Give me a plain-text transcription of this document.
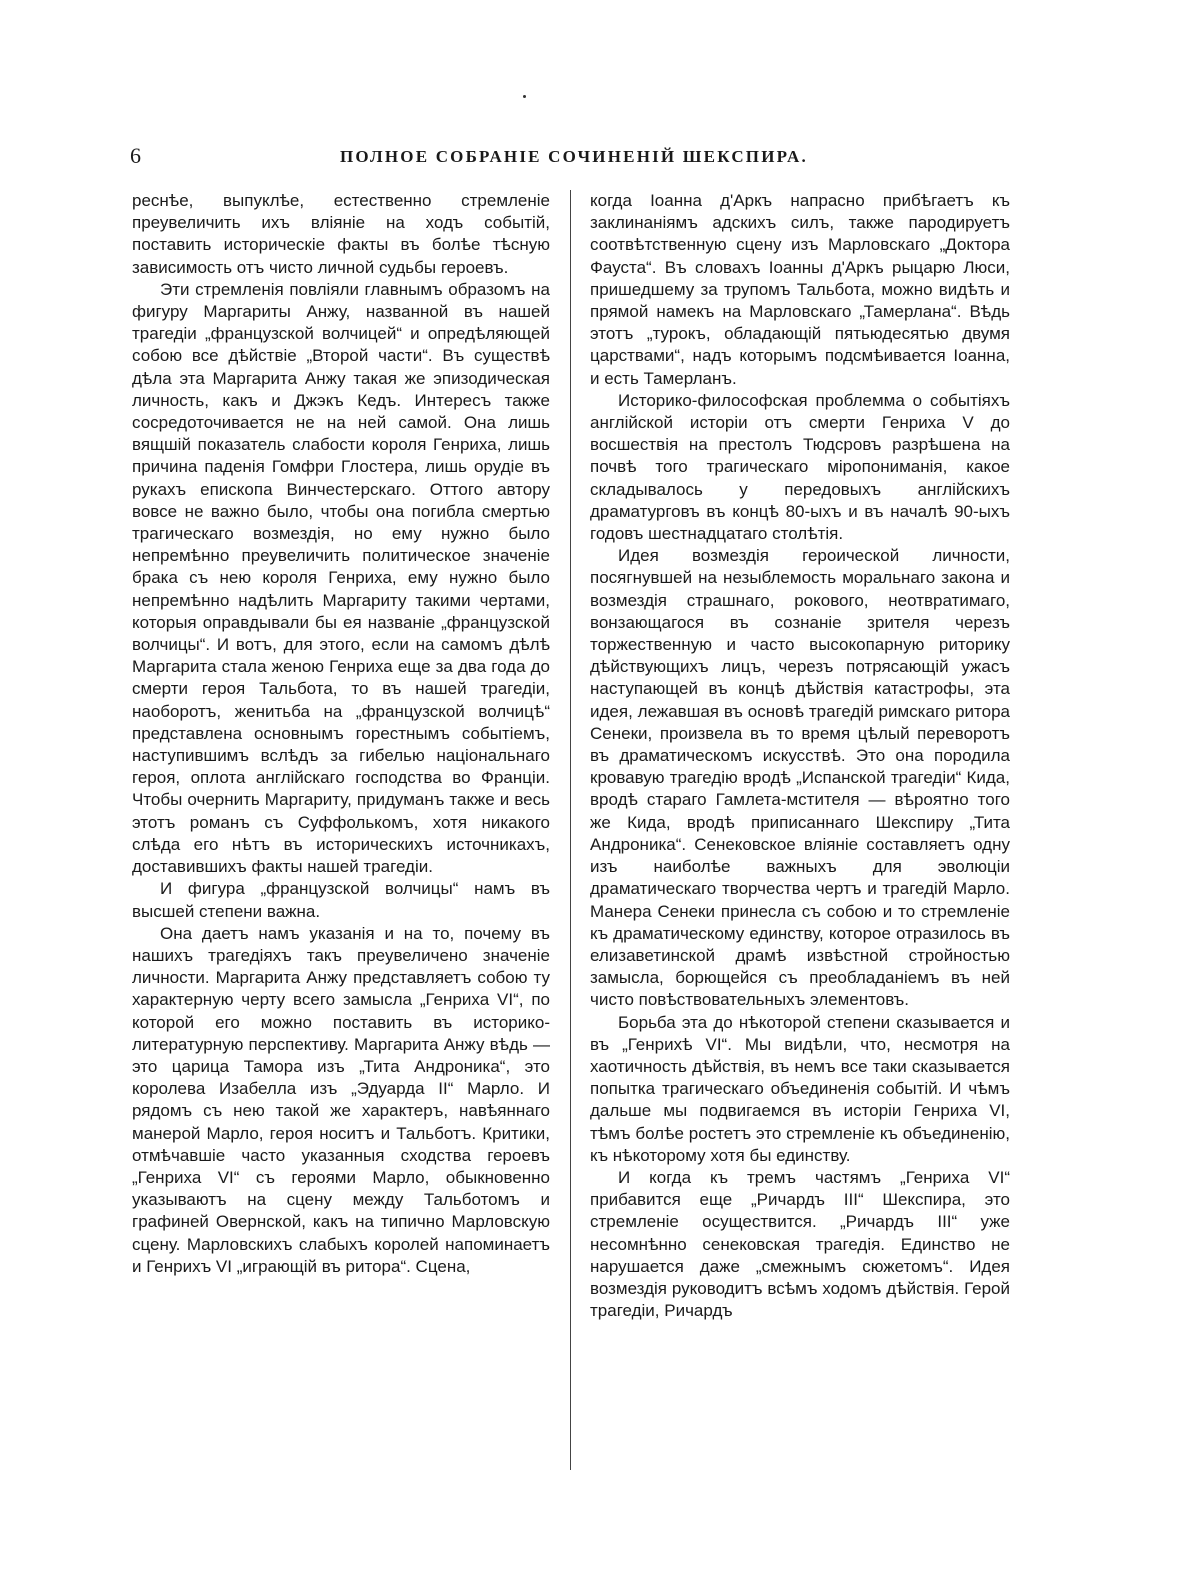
6	ПОЛНОЕ СОБРАНІЕ СОЧИНЕНІЙ ШЕКСПИРА.

реснѣе, выпуклѣе, естественно стремленіе преувеличить ихъ вліяніе на ходъ событій, поставить историческіе факты въ болѣе тѣсную зависимость отъ чисто личной судьбы героевъ.

Эти стремленія повліяли главнымъ образомъ на фигуру Маргариты Анжу, названной въ нашей трагедіи „французской волчицей“ и опредѣляющей собою все дѣйствіе „Второй части“. Въ существѣ дѣла эта Маргарита Анжу такая же эпизодическая личность, какъ и Джэкъ Кедъ. Интересъ также сосредоточивается не на ней самой. Она лишь вящшій показатель слабости короля Генриха, лишь причина паденія Гомфри Глостера, лишь орудіе въ рукахъ епископа Винчестерскаго. Оттого автору вовсе не важно было, чтобы она погибла смертью трагическаго возмездія, но ему нужно было непремѣнно преувеличить политическое значеніе брака съ нею короля Генриха, ему нужно было непремѣнно надѣлить Маргариту такими чертами, которыя оправдывали бы ея названіе „французской волчицы“. И вотъ, для этого, если на самомъ дѣлѣ Маргарита стала женою Генриха еще за два года до смерти героя Тальбота, то въ нашей трагедіи, наоборотъ, женитьба на „французской волчицѣ“ представлена основнымъ горестнымъ событіемъ, наступившимъ вслѣдъ за гибелью національнаго героя, оплота англійскаго господства во Франціи. Чтобы очернить Маргариту, придуманъ также и весь этотъ романъ съ Суффолькомъ, хотя никакого слѣда его нѣтъ въ историческихъ источникахъ, доставившихъ факты нашей трагедіи.

И фигура „французской волчицы“ намъ въ высшей степени важна.

Она даетъ намъ указанія и на то, почему въ нашихъ трагедіяхъ такъ преувеличено значеніе личности. Маргарита Анжу представляетъ собою ту характерную черту всего замысла „Генриха VI“, по которой его можно поставить въ историко-литературную перспективу. Маргарита Анжу вѣдь — это царица Тамора изъ „Тита Андроника“, это королева Изабелла изъ „Эдуарда II“ Марло. И рядомъ съ нею такой же характеръ, навѣяннаго манерой Марло, героя носитъ и Тальботъ. Критики, отмѣчавшіе часто указанныя сходства героевъ „Генриха VI“ съ героями Марло, обыкновенно указываютъ на сцену между Тальботомъ и графиней Овернской, какъ на типично Марловскую сцену. Марловскихъ слабыхъ королей напоминаетъ и Генрихъ VI „играющій въ ритора“. Сцена,

когда Іоанна д'Аркъ напрасно прибѣгаетъ къ заклинаніямъ адскихъ силъ, также пародируетъ соотвѣтственную сцену изъ Марловскаго „Доктора Фауста“. Въ словахъ Іоанны д'Аркъ рыцарю Люси, пришедшему за трупомъ Тальбота, можно видѣть и прямой намекъ на Марловскаго „Тамерлана“. Вѣдь этотъ „турокъ, обладающій пятьюдесятью двумя царствами“, надъ которымъ подсмѣивается Іоанна, и есть Тамерланъ.

Историко-философская проблемма о событіяхъ англійской исторіи отъ смерти Генриха V до восшествія на престолъ Тюдсровъ разрѣшена на почвѣ того трагическаго міропониманія, какое складывалось у передовыхъ англійскихъ драматурговъ въ концѣ 80-ыхъ и въ началѣ 90-ыхъ годовъ шестнадцатаго столѣтія.

Идея возмездія героической личности, посягнувшей на незыблемость моральнаго закона и возмездія страшнаго, рокового, неотвратимаго, вонзающагося въ сознаніе зрителя черезъ торжественную и часто высокопарную риторику дѣйствующихъ лицъ, черезъ потрясающій ужасъ наступающей въ концѣ дѣйствія катастрофы, эта идея, лежавшая въ основѣ трагедій римскаго ритора Сенеки, произвела въ то время цѣлый переворотъ въ драматическомъ искусствѣ. Это она породила кровавую трагедію вродѣ „Испанской трагедіи“ Кида, вродѣ стараго Гамлета-мстителя — вѣроятно того же Кида, вродѣ приписаннаго Шекспиру „Тита Андроника“. Сенековское вліяніе составляетъ одну изъ наиболѣе важныхъ для эволюціи драматическаго творчества чертъ и трагедій Марло. Манера Сенеки принесла съ собою и то стремленіе къ драматическому единству, которое отразилось въ елизаветинской драмѣ извѣстной стройностью замысла, борющейся съ преобладаніемъ въ ней чисто повѣствовательныхъ элементовъ.

Борьба эта до нѣкоторой степени сказывается и въ „Генрихѣ VI“. Мы видѣли, что, несмотря на хаотичность дѣйствія, въ немъ все таки сказывается попытка трагическаго объединенія событій. И чѣмъ дальше мы подвигаемся въ исторіи Генриха VI, тѣмъ болѣе ростетъ это стремленіе къ объединенію, къ нѣкоторому хотя бы единству.

И когда къ тремъ частямъ „Генриха VI“ прибавится еще „Ричардъ III“ Шекспира, это стремленіе осуществится. „Ричардъ III“ уже несомнѣнно сенековская трагедія. Единство не нарушается даже „смежнымъ сюжетомъ“. Идея возмездія руководитъ всѣмъ ходомъ дѣйствія. Герой трагедіи, Ричардъ
